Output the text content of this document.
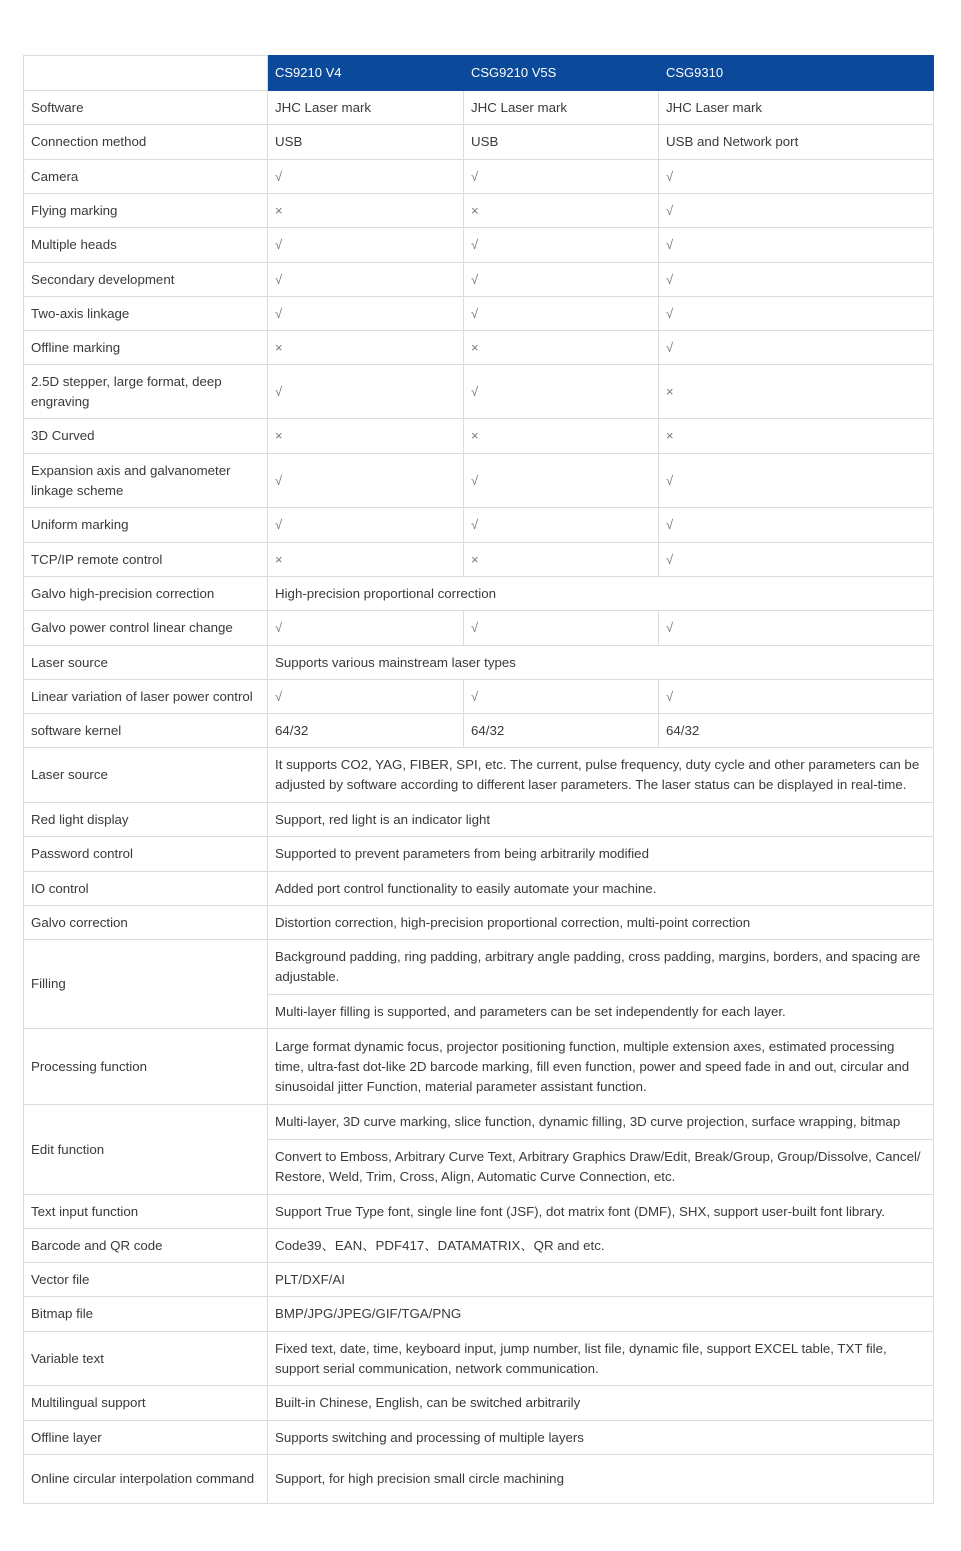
	CS9210 V4	CSG9210 V5S	CSG9310
Software	JHC Laser mark	JHC Laser mark	JHC Laser mark
Connection method	USB	USB	USB and Network port
Camera	√	√	√
Flying marking	×	×	√
Multiple heads	√	√	√
Secondary development	√	√	√
Two-axis linkage	√	√	√
Offline marking	×	×	√
2.5D stepper, large format, deep engraving	√	√	×
3D Curved	×	×	×
Expansion axis and galvanometer linkage scheme	√	√	√
Uniform marking	√	√	√
TCP/IP remote control	×	×	√
Galvo high-precision correction	High-precision proportional correction		
Galvo power control linear change	√	√	√
Laser source	Supports various mainstream laser types		
Linear variation of laser power control	√	√	√
software kernel	64/32	64/32	64/32
Laser source	It supports CO2, YAG, FIBER, SPI, etc. The current, pulse frequency, duty cycle and other parameters can be adjusted by software according to different laser parameters. The laser status can be displayed in real-time.		
Red light display	Support, red light is an indicator light		
Password control	Supported to prevent parameters from being arbitrarily modified		
IO control	Added port control functionality to easily automate your machine.		
Galvo correction	Distortion correction, high-precision proportional correction, multi-point correction		
Filling	Background padding, ring padding, arbitrary angle padding, cross padding, margins, borders, and spacing are adjustable.		
	Multi-layer filling is supported, and parameters can be set independently for each layer.		
Processing function	Large format dynamic focus, projector positioning function, multiple extension axes, estimated processing time, ultra-fast dot-like 2D barcode marking, fill even function, power and speed fade in and out, circular and sinusoidal jitter Function, material parameter assistant function.		
Edit function	Multi-layer, 3D curve marking, slice function, dynamic filling, 3D curve projection, surface wrapping, bitmap		
	Convert to Emboss, Arbitrary Curve Text, Arbitrary Graphics Draw/Edit, Break/Group, Group/Dissolve, Cancel/ Restore, Weld, Trim, Cross, Align, Automatic Curve Connection, etc.		
Text input function	Support True Type font, single line font (JSF), dot matrix font (DMF), SHX, support user-built font library.		
Barcode and QR code	Code39、EAN、PDF417、DATAMATRIX、QR and etc.		
Vector file	PLT/DXF/AI		
Bitmap file	BMP/JPG/JPEG/GIF/TGA/PNG		
Variable text	Fixed text, date, time, keyboard input, jump number, list file, dynamic file, support EXCEL table, TXT file, support serial communication, network communication.		
Multilingual support	Built-in Chinese, English, can be switched arbitrarily		
Offline layer	Supports switching and processing of multiple layers		
Online circular interpolation command	Support, for high precision small circle machining		
